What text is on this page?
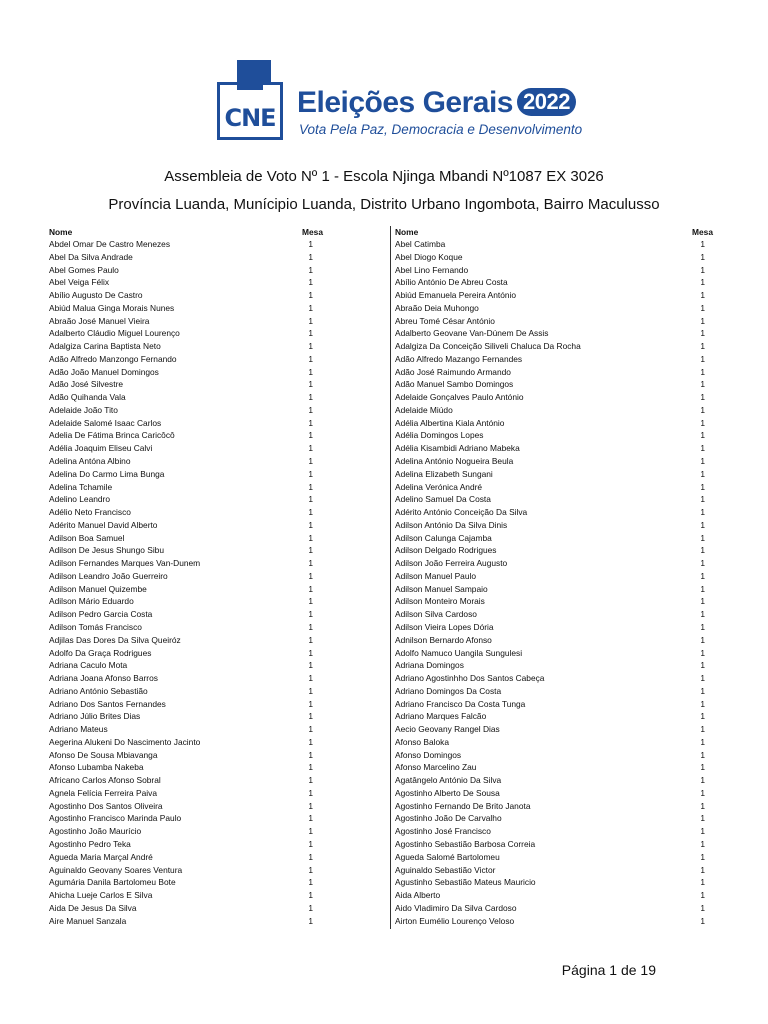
CNE Eleições Gerais 2022
Vota Pela Paz, Democracia e Desenvolvimento
Assembleia de Voto Nº 1 - Escola Njinga Mbandi Nº1087 EX 3026
Província Luanda, Munícipio Luanda, Distrito Urbano Ingombota, Bairro Maculusso
Nome	Mesa
Abdel Omar De Castro Menezes	1
Abel Da Silva Andrade	1
Abel Gomes Paulo	1
Abel Veiga Félix	1
Abílio Augusto De Castro	1
Abiúd Malua Ginga Morais Nunes	1
Abraão José Manuel Vieira	1
Adalberto Cláudio Miguel Lourenço	1
Adalgiza Carina Baptista Neto	1
Adão Alfredo Manzongo Fernando	1
Adão João Manuel Domingos	1
Adão José Silvestre	1
Adão Quihanda Vala	1
Adelaide João Tito	1
Adelaide Salomé Isaac Carlos	1
Adelia De Fátima Brinca Caricôcô	1
Adélia Joaquim Eliseu Calvi	1
Adelina Antóna Albino	1
Adelina Do Carmo Lima Bunga	1
Adelina Tchamile	1
Adelino Leandro	1
Adélio Neto Francisco	1
Adérito Manuel David Alberto	1
Adilson Boa Samuel	1
Adilson De Jesus Shungo Sibu	1
Adilson Fernandes Marques Van-Dunem	1
Adilson Leandro João Guerreiro	1
Adilson Manuel Quizembe	1
Adilson Mário Eduardo	1
Adilson Pedro Garcia Costa	1
Adilson Tomás Francisco	1
Adjilas Das Dores Da Silva Queiróz	1
Adolfo Da Graça Rodrigues	1
Adriana Caculo Mota	1
Adriana Joana Afonso Barros	1
Adriano António Sebastião	1
Adriano Dos Santos Fernandes	1
Adriano Júlio Brites Dias	1
Adriano Mateus	1
Aegerina Alukeni Do Nascimento Jacinto	1
Afonso De Sousa Mbiavanga	1
Afonso Lubamba Nakeba	1
Africano Carlos Afonso Sobral	1
Agnela Felícia Ferreira Paiva	1
Agostinho Dos Santos Oliveira	1
Agostinho Francisco Marinda Paulo	1
Agostinho João Maurício	1
Agostinho Pedro Teka	1
Agueda Maria Marçal André	1
Aguinaldo Geovany Soares Ventura	1
Agumária Danila Bartolomeu Bote	1
Ahicha Lueje Carlos E Silva	1
Aida De Jesus Da Silva	1
Aire Manuel Sanzala	1
Nome	Mesa
Abel Catimba	1
Abel Diogo Koque	1
Abel Lino Fernando	1
Abílio António De Abreu Costa	1
Abiúd Emanuela Pereira António	1
Abraão Deia Muhongo	1
Abreu Tomé César António	1
Adalberto Geovane Van-Dúnem De Assis	1
Adalgiza Da Conceição Siliveli Chaluca Da Rocha	1
Adão Alfredo Mazango Fernandes	1
Adão José Raimundo Armando	1
Adão Manuel Sambo Domingos	1
Adelaide Gonçalves Paulo António	1
Adelaide Miúdo	1
Adélia Albertina Kiala António	1
Adélia Domingos Lopes	1
Adélia Kisambidi Adriano Mabeka	1
Adelina António Nogueira Beula	1
Adelina Elizabeth Sungani	1
Adelina Verónica André	1
Adelino Samuel Da Costa	1
Adérito António Conceição Da Silva	1
Adilson António Da Silva Dinis	1
Adilson Calunga Cajamba	1
Adilson Delgado Rodrigues	1
Adilson João Ferreira Augusto	1
Adilson Manuel Paulo	1
Adilson Manuel Sampaio	1
Adilson Monteiro Morais	1
Adilson Silva Cardoso	1
Adilson Vieira Lopes Dória	1
Adnilson Bernardo Afonso	1
Adolfo Namuco Uangila Sungulesi	1
Adriana Domingos	1
Adriano Agostinhho Dos Santos Cabeça	1
Adriano Domingos Da Costa	1
Adriano Francisco Da Costa Tunga	1
Adriano Marques Falcão	1
Aecio Geovany Rangel Dias	1
Afonso Baloka	1
Afonso Domingos	1
Afonso Marcelino Zau	1
Agatângelo António Da Silva	1
Agostinho Alberto De Sousa	1
Agostinho Fernando De Brito Janota	1
Agostinho João De Carvalho	1
Agostinho José Francisco	1
Agostinho Sebastião Barbosa Correia	1
Agueda Salomé Bartolomeu	1
Aguinaldo Sebastião Victor	1
Agustinho Sebastião Mateus Mauricio	1
Aida Alberto	1
Aido Vladimiro Da Silva Cardoso	1
Airton Eumélio Lourenço Veloso	1
Página 1 de 19
